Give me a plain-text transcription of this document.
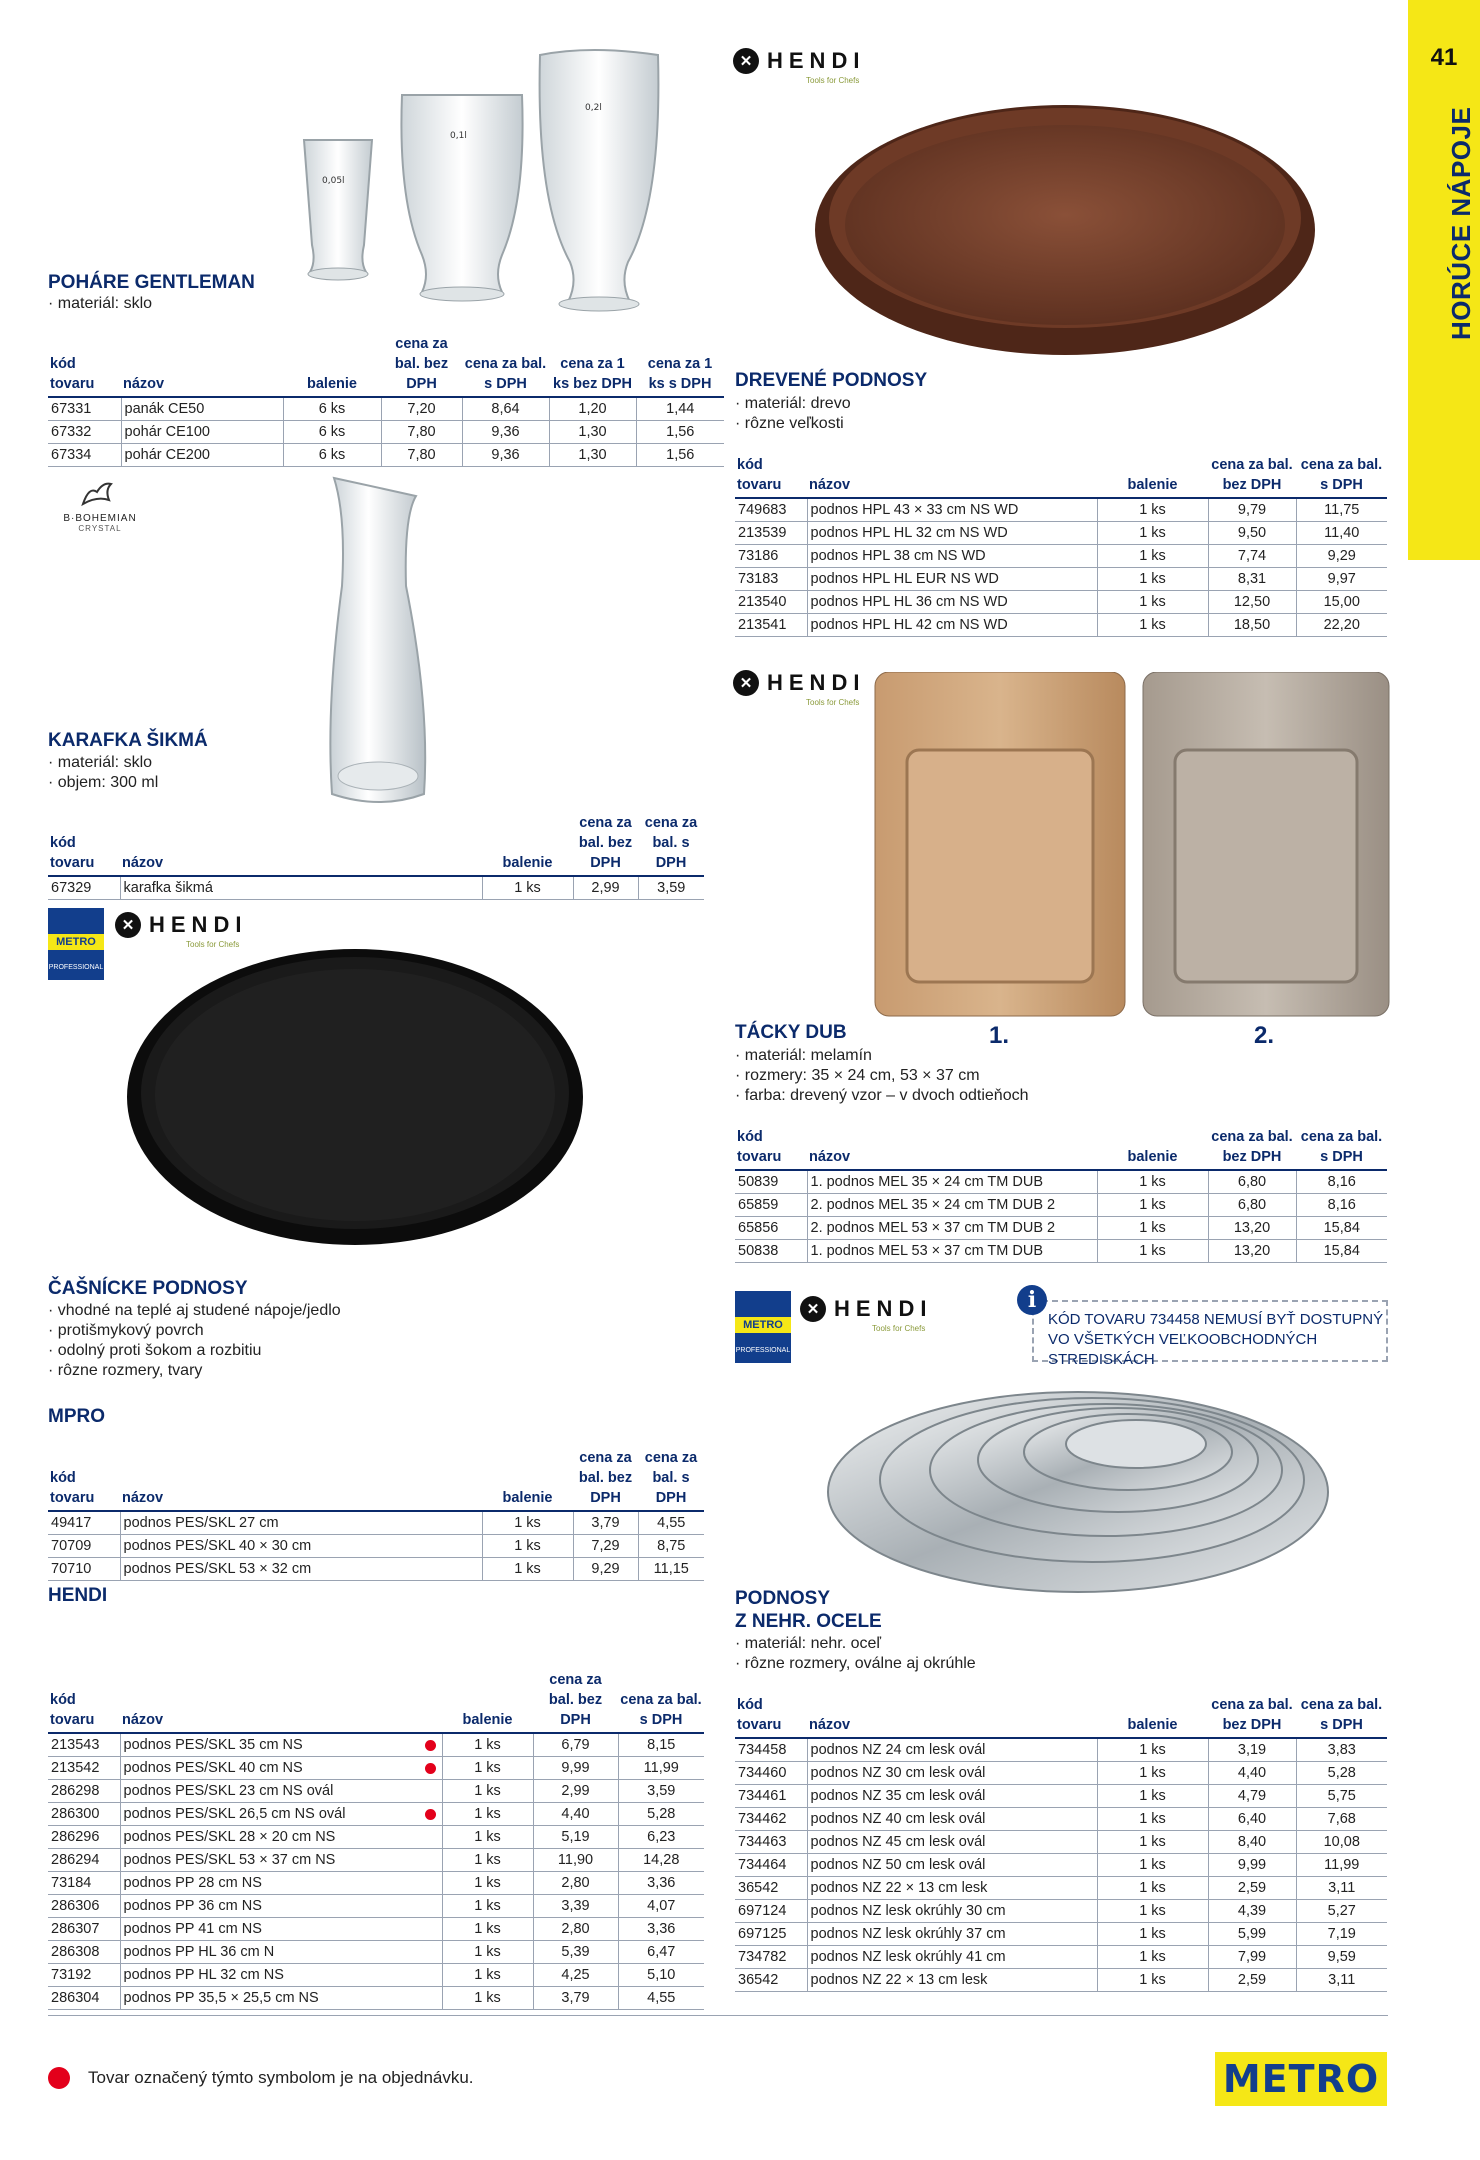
41
HORÚCE NÁPOJE
0,05l
0,1l
0,2l
POHÁRE GENTLEMAN
· materiál: sklo
kód tovaru	názov	balenie	cena za bal. bez DPH	cena za bal. s DPH	cena za 1 ks bez DPH	cena za 1 ks s DPH
67331	panák CE50	6 ks	7,20	8,64	1,20	1,44
67332	pohár CE100	6 ks	7,80	9,36	1,30	1,56
67334	pohár CE200	6 ks	7,80	9,36	1,30	1,56
✕ HENDI
Tools for Chefs
DREVENÉ PODNOSY
· materiál: drevo
· rôzne veľkosti
kód tovaru	názov	balenie	cena za bal. bez DPH	cena za bal. s DPH
749683	podnos HPL 43 × 33 cm NS WD	1 ks	9,79	11,75
213539	podnos HPL HL 32 cm NS WD	1 ks	9,50	11,40
73186	podnos HPL 38 cm NS WD	1 ks	7,74	9,29
73183	podnos HPL HL EUR NS WD	1 ks	8,31	9,97
213540	podnos HPL HL 36 cm NS WD	1 ks	12,50	15,00
213541	podnos HPL HL 42 cm NS WD	1 ks	18,50	22,20
B·BOHEMIAN
CRYSTAL
KARAFKA ŠIKMÁ
· materiál: sklo
· objem: 300 ml
kód tovaru	názov	balenie	cena za bal. bez DPH	cena za bal. s DPH
67329	karafka šikmá	1 ks	2,99	3,59
✕ HENDI
Tools for Chefs
TÁCKY DUB	1.	2.
· materiál: melamín
· rozmery: 35 × 24 cm, 53 × 37 cm
· farba: drevený vzor – v dvoch odtieňoch
kód tovaru	názov	balenie	cena za bal. bez DPH	cena za bal. s DPH
50839	1. podnos MEL 35 × 24 cm TM DUB	1 ks	6,80	8,16
65859	2. podnos MEL 35 × 24 cm TM DUB 2	1 ks	6,80	8,16
65856	2. podnos MEL 53 × 37 cm TM DUB 2	1 ks	13,20	15,84
50838	1. podnos MEL 53 × 37 cm TM DUB	1 ks	13,20	15,84
METRO
PROFESSIONAL
✕ HENDI
Tools for Chefs
ČAŠNÍCKE PODNOSY
· vhodné na teplé aj studené nápoje/jedlo
· protišmykový povrch
· odolný proti šokom a rozbitiu
· rôzne rozmery, tvary
MPRO
kód tovaru	názov	balenie	cena za bal. bez DPH	cena za bal. s DPH
49417	podnos PES/SKL 27 cm	1 ks	3,79	4,55
70709	podnos PES/SKL 40 × 30 cm	1 ks	7,29	8,75
70710	podnos PES/SKL 53 × 32 cm	1 ks	9,29	11,15
HENDI
kód tovaru	názov	balenie	cena za bal. bez DPH	cena za bal. s DPH
213543	podnos PES/SKL 35 cm NS	1 ks	6,79	8,15
213542	podnos PES/SKL 40 cm NS	1 ks	9,99	11,99
286298	podnos PES/SKL 23 cm NS ovál	1 ks	2,99	3,59
286300	podnos PES/SKL 26,5 cm NS ovál	1 ks	4,40	5,28
286296	podnos PES/SKL 28 × 20 cm NS	1 ks	5,19	6,23
286294	podnos PES/SKL 53 × 37 cm NS	1 ks	11,90	14,28
73184	podnos PP 28 cm NS	1 ks	2,80	3,36
286306	podnos PP 36 cm NS	1 ks	3,39	4,07
286307	podnos PP 41 cm NS	1 ks	2,80	3,36
286308	podnos PP HL 36 cm N	1 ks	5,39	6,47
73192	podnos PP HL 32 cm NS	1 ks	4,25	5,10
286304	podnos PP 35,5 × 25,5 cm NS	1 ks	3,79	4,55
METRO
PROFESSIONAL
✕ HENDI
Tools for Chefs
KÓD TOVARU 734458 NEMUSÍ BYŤ DOSTUPNÝ VO VŠETKÝCH VEĽKOOBCHODNÝCH STREDISKÁCH
i
PODNOSY
Z NEHR. OCELE
· materiál: nehr. oceľ
· rôzne rozmery, oválne aj okrúhle
kód tovaru	názov	balenie	cena za bal. bez DPH	cena za bal. s DPH
734458	podnos NZ 24 cm lesk ovál	1 ks	3,19	3,83
734460	podnos NZ 30 cm lesk ovál	1 ks	4,40	5,28
734461	podnos NZ 35 cm lesk ovál	1 ks	4,79	5,75
734462	podnos NZ 40 cm lesk ovál	1 ks	6,40	7,68
734463	podnos NZ 45 cm lesk ovál	1 ks	8,40	10,08
734464	podnos NZ 50 cm lesk ovál	1 ks	9,99	11,99
36542	podnos NZ 22 × 13 cm lesk	1 ks	2,59	3,11
697124	podnos NZ lesk okrúhly 30 cm	1 ks	4,39	5,27
697125	podnos NZ lesk okrúhly 37 cm	1 ks	5,99	7,19
734782	podnos NZ lesk okrúhly 41 cm	1 ks	7,99	9,59
36542	podnos NZ 22 × 13 cm lesk	1 ks	2,59	3,11
Tovar označený týmto symbolom je na objednávku.	METRO
